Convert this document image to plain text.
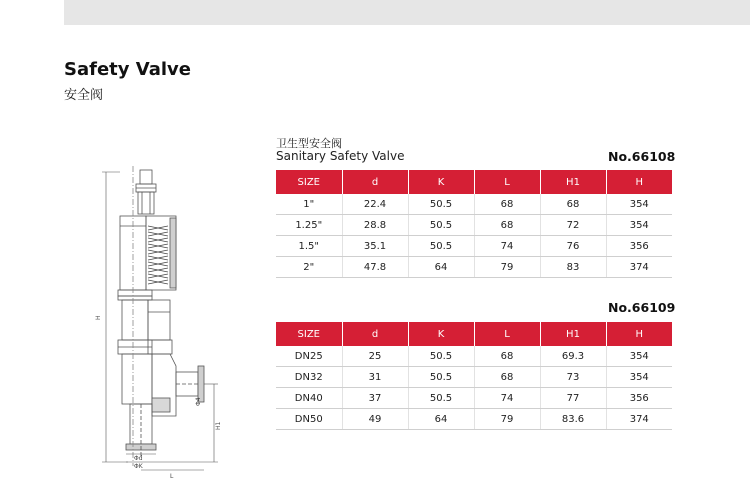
Safety Valve
安全阀
H
H1
L
Φd
ΦK
Φ4
卫生型安全阀
Sanitary Safety Valve	No.66108
SIZE	d	K	L	H1	H
1"	22.4	50.5	68	68	354
1.25"	28.8	50.5	68	72	354
1.5"	35.1	50.5	74	76	356
2"	47.8	64	79	83	374
No.66109
SIZE	d	K	L	H1	H
DN25	25	50.5	68	69.3	354
DN32	31	50.5	68	73	354
DN40	37	50.5	74	77	356
DN50	49	64	79	83.6	374
